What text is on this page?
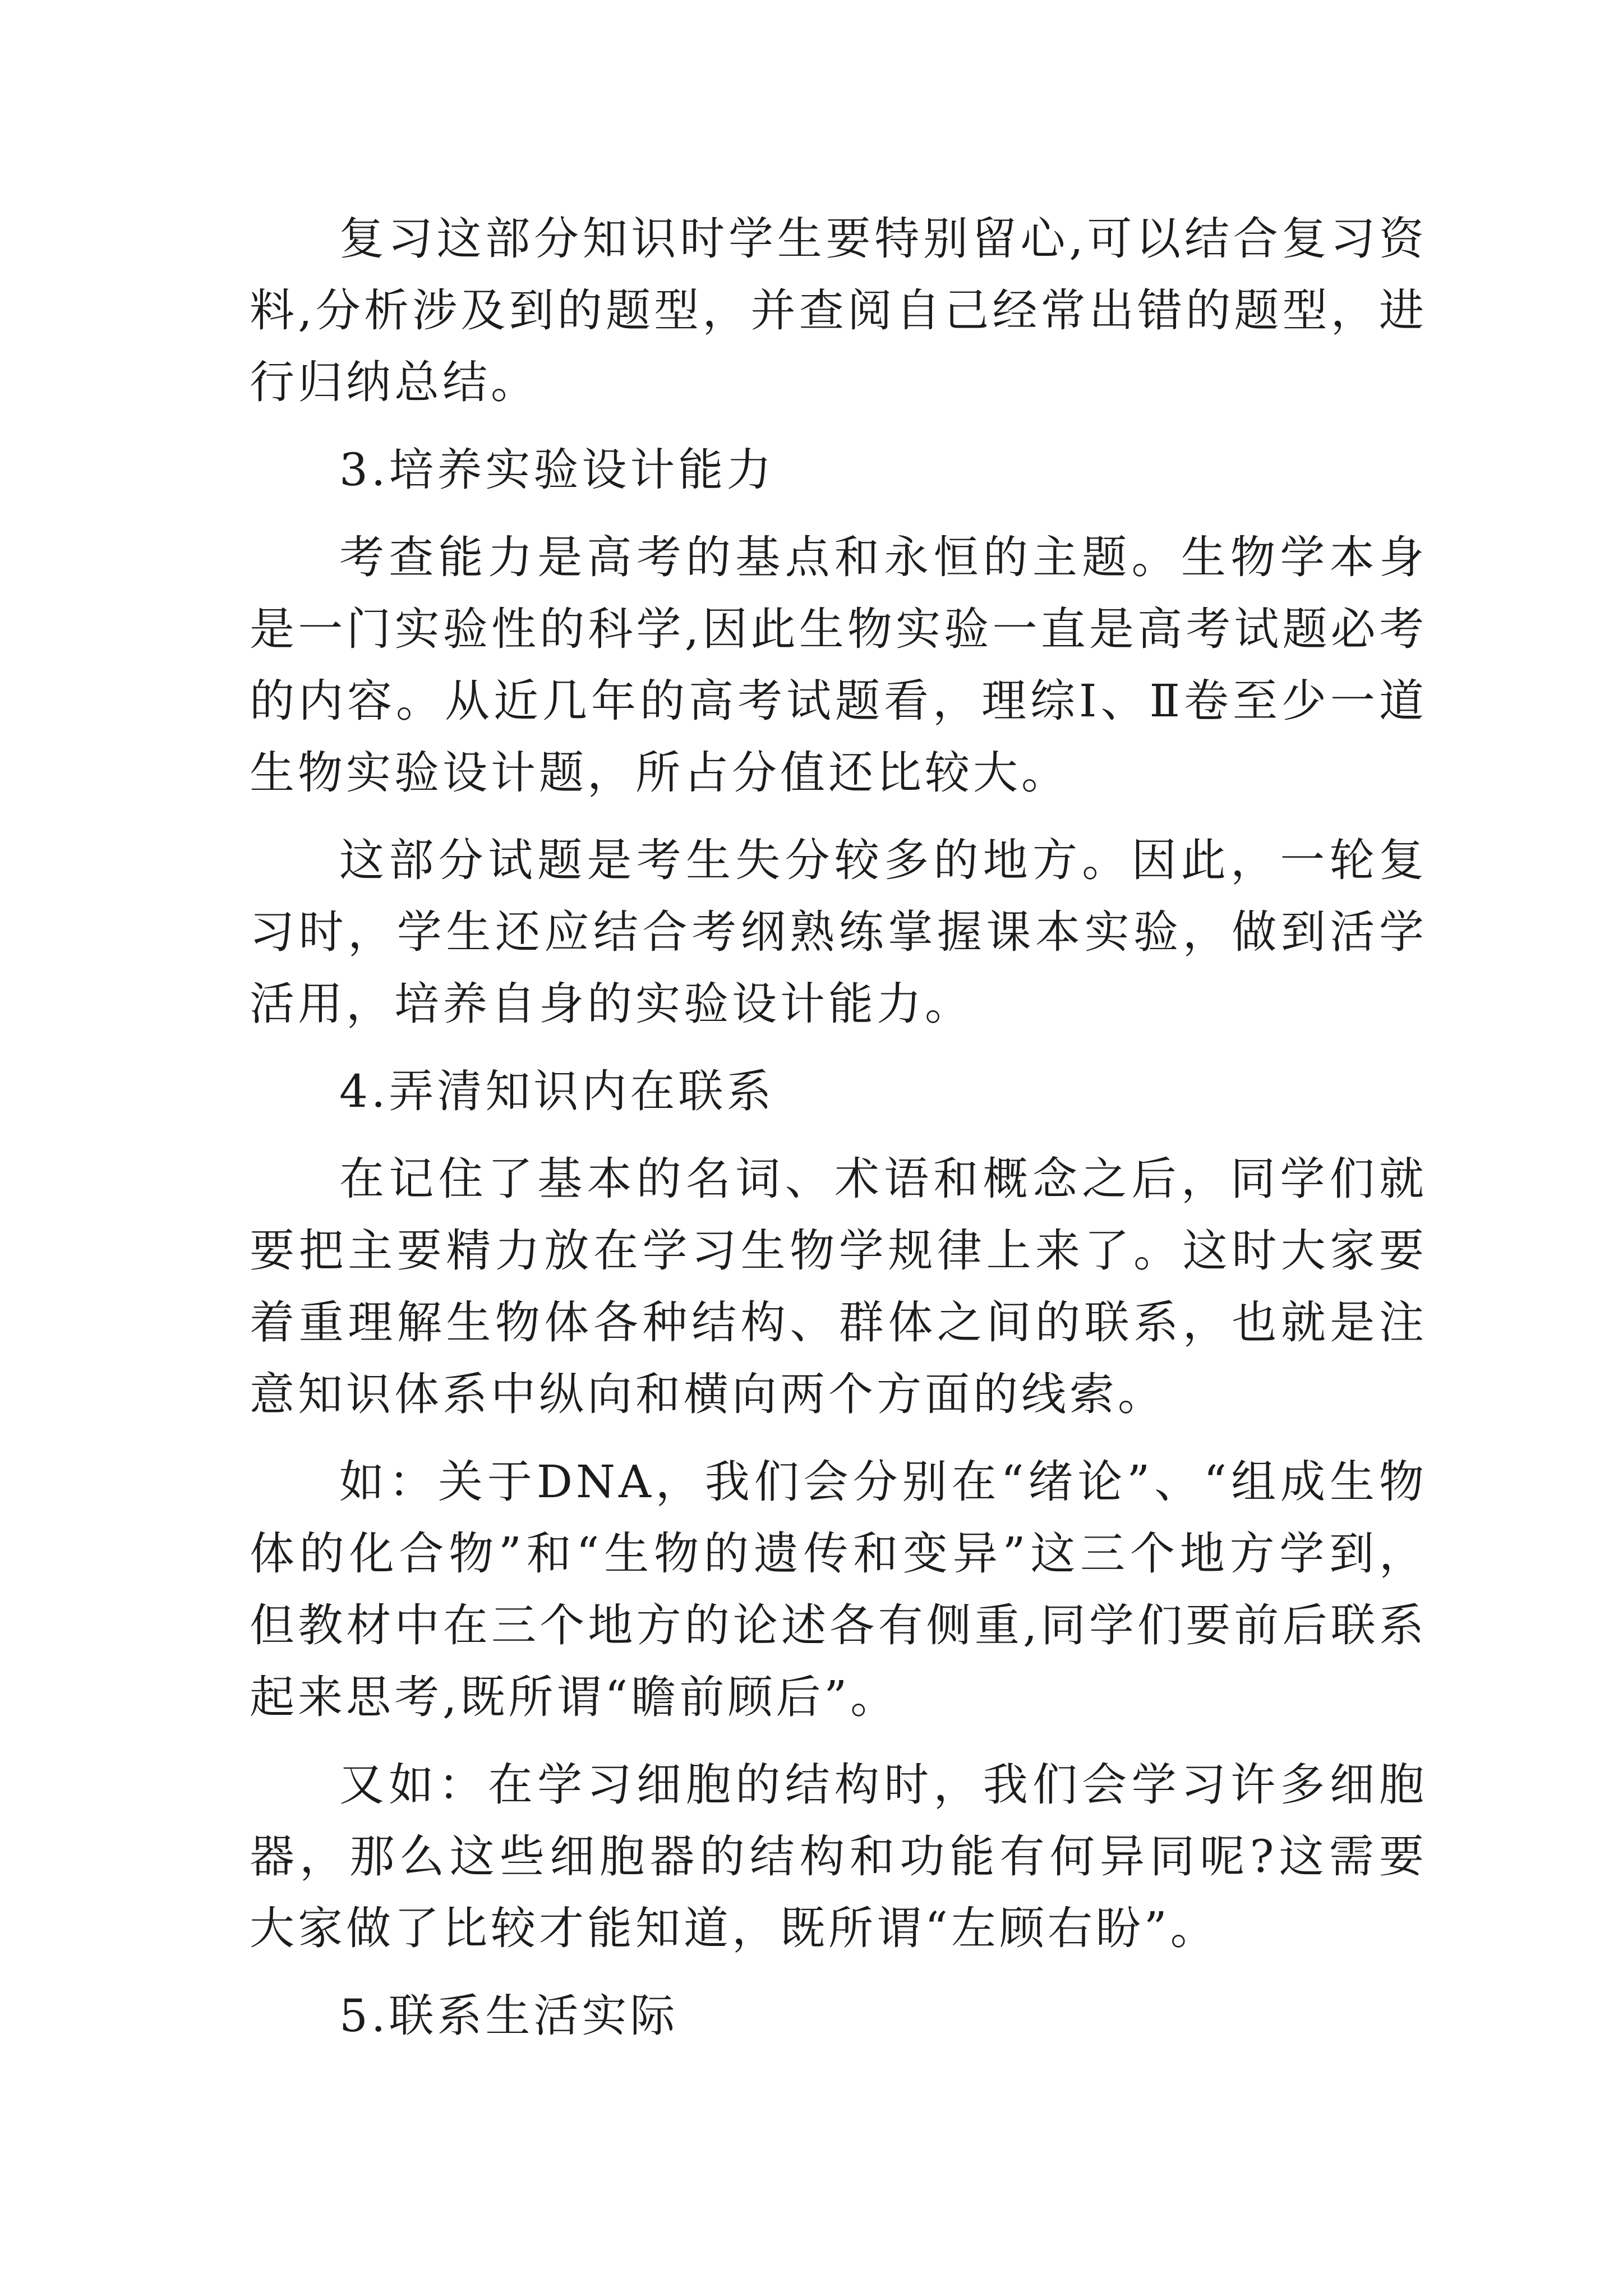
复习这部分知识时学生要特别留心,可以结合复习资料,分析涉及到的题型，并查阅自己经常出错的题型，进行归纳总结。

3.培养实验设计能力

考查能力是高考的基点和永恒的主题。生物学本身是一门实验性的科学,因此生物实验一直是高考试题必考的内容。从近几年的高考试题看，理综Ⅰ、Ⅱ卷至少一道生物实验设计题，所占分值还比较大。

这部分试题是考生失分较多的地方。因此，一轮复习时，学生还应结合考纲熟练掌握课本实验，做到活学活用，培养自身的实验设计能力。

4.弄清知识内在联系

在记住了基本的名词、术语和概念之后，同学们就要把主要精力放在学习生物学规律上来了。这时大家要着重理解生物体各种结构、群体之间的联系，也就是注意知识体系中纵向和横向两个方面的线索。

如：关于DNA，我们会分别在“绪论”、“组成生物体的化合物”和“生物的遗传和变异”这三个地方学到，但教材中在三个地方的论述各有侧重,同学们要前后联系起来思考,既所谓“瞻前顾后”。

又如：在学习细胞的结构时，我们会学习许多细胞器，那么这些细胞器的结构和功能有何异同呢?这需要大家做了比较才能知道，既所谓“左顾右盼”。

5.联系生活实际
